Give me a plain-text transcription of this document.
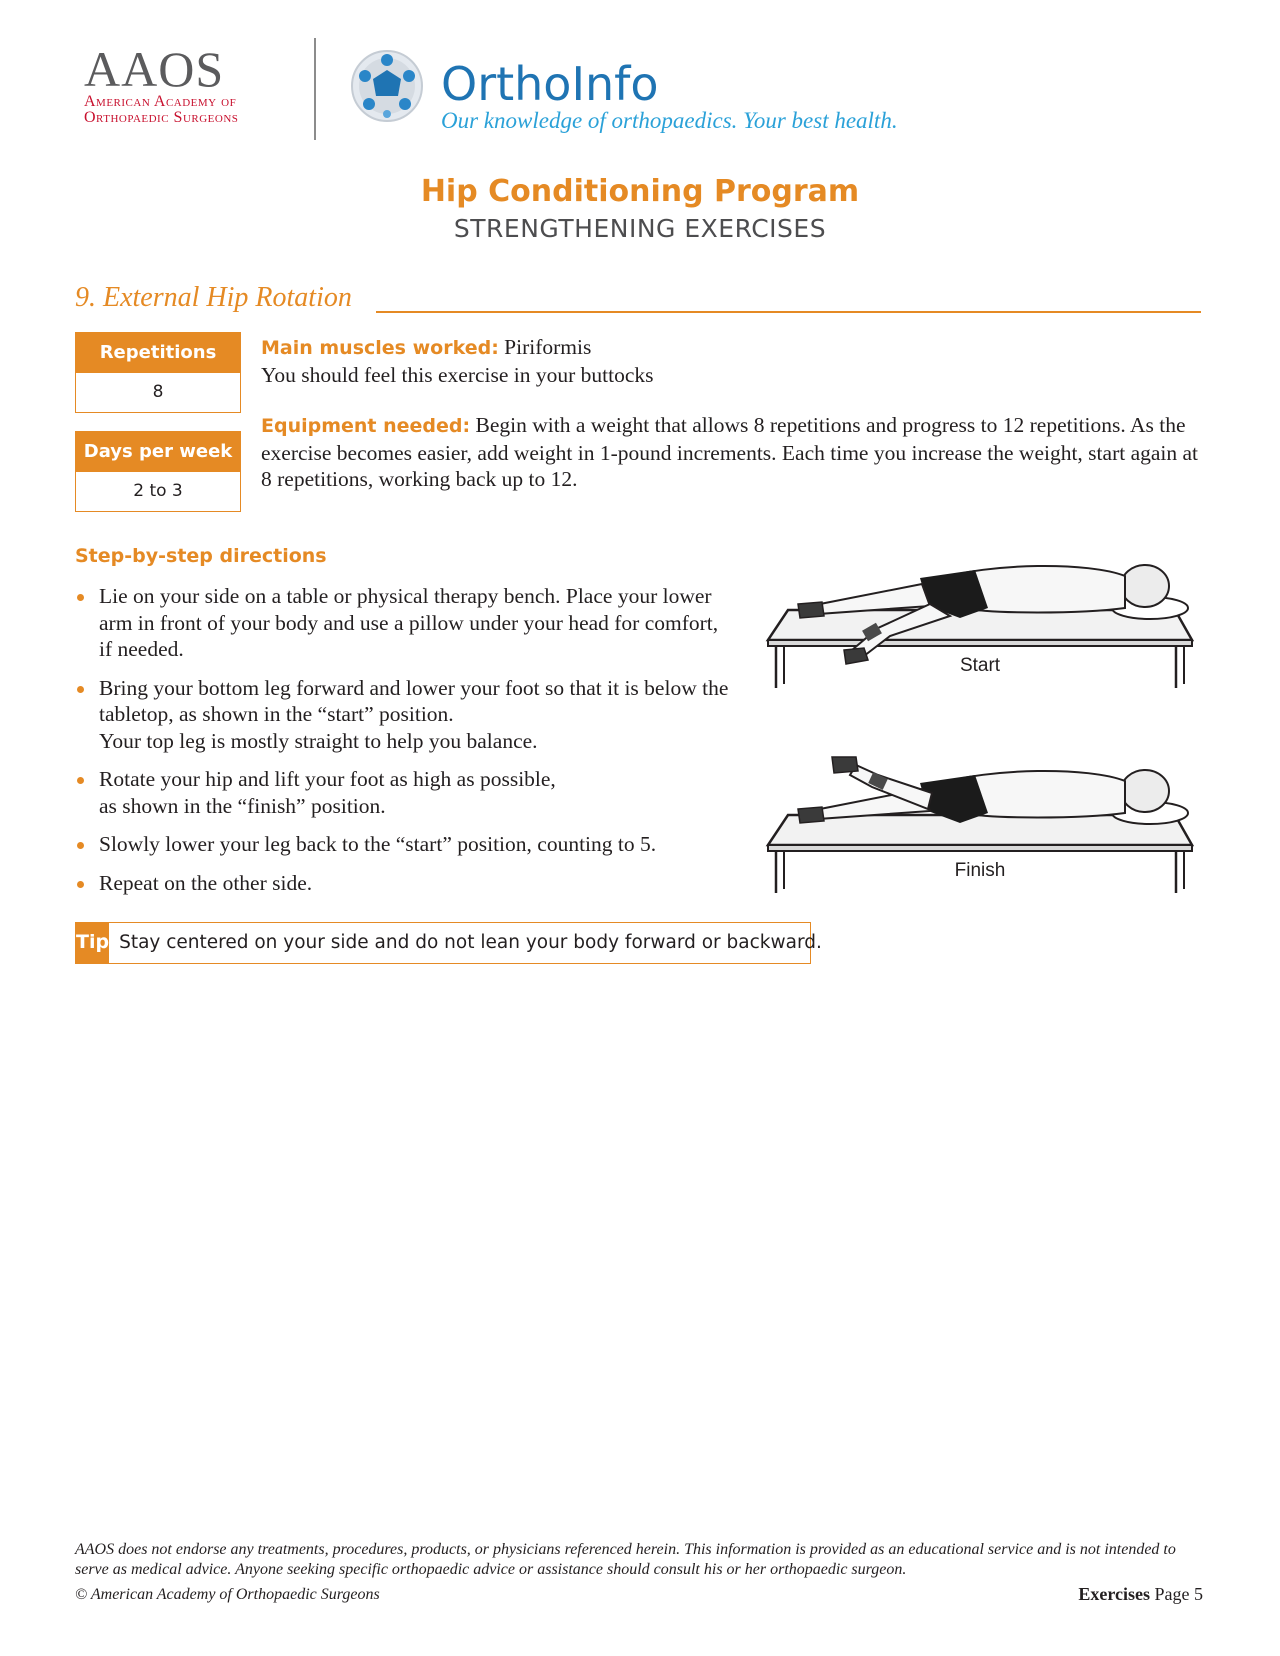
AAOS
American Academy of
Orthopaedic Surgeons
OrthoInfo
Our knowledge of orthopaedics. Your best health.
Hip Conditioning Program
STRENGTHENING EXERCISES
9. External Hip Rotation
Repetitions
8
Days per week
2 to 3
Main muscles worked: Piriformis
You should feel this exercise in your buttocks
Equipment needed: Begin with a weight that allows 8 repetitions and progress to 12 repetitions. As the exercise becomes easier, add weight in 1-pound increments. Each time you increase the weight, start again at 8 repetitions, working back up to 12.
Step-by-step directions
Lie on your side on a table or physical therapy bench. Place your lower arm in front of your body and use a pillow under your head for comfort, if needed.
Bring your bottom leg forward and lower your foot so that it is below the tabletop, as shown in the “start” position.
Your top leg is mostly straight to help you balance.
Rotate your hip and lift your foot as high as possible,
as shown in the “finish” position.
Slowly lower your leg back to the “start” position, counting to 5.
Repeat on the other side.
Start
Finish
Tip Stay centered on your side and do not lean your body forward or backward.
AAOS does not endorse any treatments, procedures, products, or physicians referenced herein. This information is provided as an educational service and is not intended to serve as medical advice. Anyone seeking specific orthopaedic advice or assistance should consult his or her orthopaedic surgeon.
© American Academy of Orthopaedic Surgeons	Exercises Page 5
